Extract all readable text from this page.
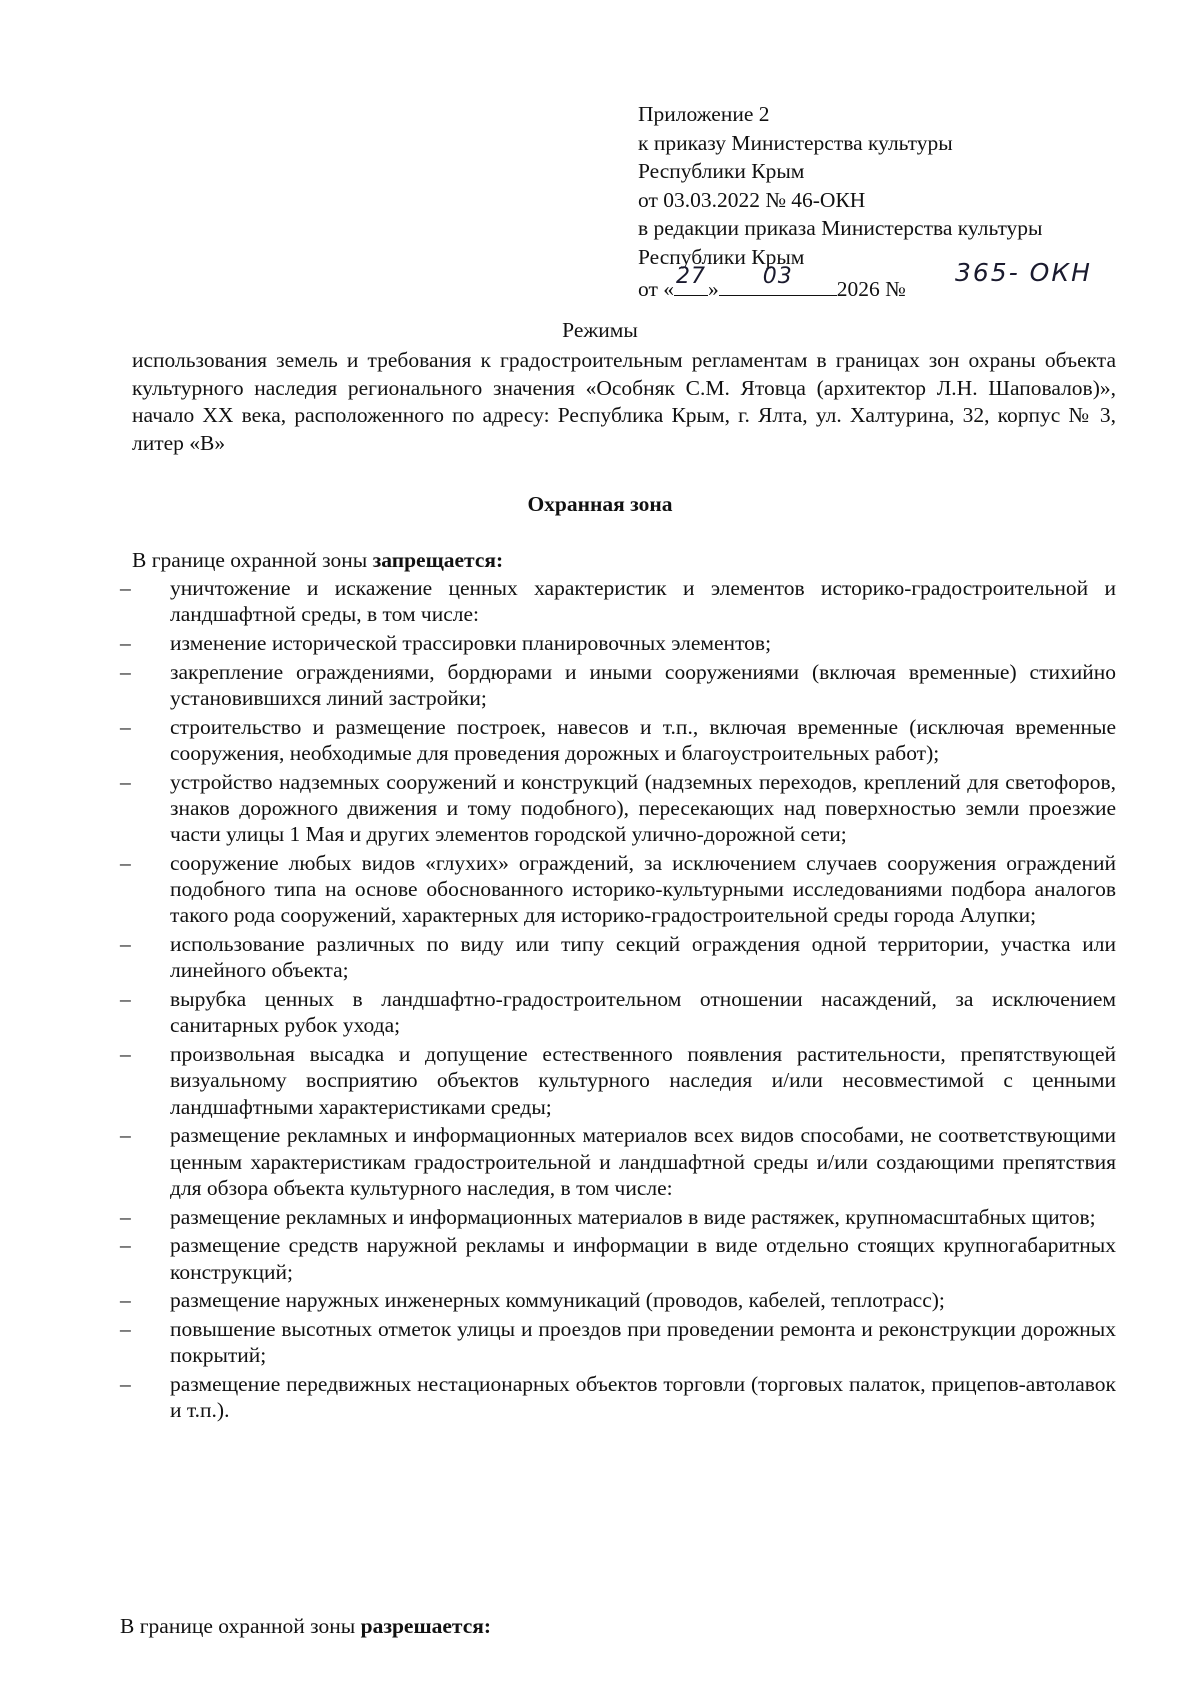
Приложение 2
к приказу Министерства культуры
Республики Крым
от 03.03.2022 № 46-ОКН
в редакции приказа Министерства культуры
Республики Крым
от « 27 »	03	2026 №
365- ОКН
Режимы
использования земель и требования к градостроительным регламентам в границах зон охраны объекта культурного наследия регионального значения «Особняк С.М. Ятовца (архитектор Л.Н. Шаповалов)», начало XX века, расположенного по адресу: Республика Крым, г. Ялта, ул. Халтурина, 32, корпус № 3, литер «В»
Охранная зона
В границе охранной зоны запрещается:
– уничтожение и искажение ценных характеристик и элементов историко-градостроительной и ландшафтной среды, в том числе:
– изменение исторической трассировки планировочных элементов;
– закрепление ограждениями, бордюрами и иными сооружениями (включая временные) стихийно установившихся линий застройки;
– строительство и размещение построек, навесов и т.п., включая временные (исключая временные сооружения, необходимые для проведения дорожных и благоустроительных работ);
– устройство надземных сооружений и конструкций (надземных переходов, креплений для светофоров, знаков дорожного движения и тому подобного), пересекающих над поверхностью земли проезжие части улицы 1 Мая и других элементов городской улично-дорожной сети;
– сооружение любых видов «глухих» ограждений, за исключением случаев сооружения ограждений подобного типа на основе обоснованного историко-культурными исследованиями подбора аналогов такого рода сооружений, характерных для историко-градостроительной среды города Алупки;
– использование различных по виду или типу секций ограждения одной территории, участка или линейного объекта;
– вырубка ценных в ландшафтно-градостроительном отношении насаждений, за исключением санитарных рубок ухода;
– произвольная высадка и допущение естественного появления растительности, препятствующей визуальному восприятию объектов культурного наследия и/или несовместимой с ценными ландшафтными характеристиками среды;
– размещение рекламных и информационных материалов всех видов способами, не соответствующими ценным характеристикам градостроительной и ландшафтной среды и/или создающими препятствия для обзора объекта культурного наследия, в том числе:
– размещение рекламных и информационных материалов в виде растяжек, крупномасштабных щитов;
– размещение средств наружной рекламы и информации в виде отдельно стоящих крупногабаритных конструкций;
– размещение наружных инженерных коммуникаций (проводов, кабелей, теплотрасс);
– повышение высотных отметок улицы и проездов при проведении ремонта и реконструкции дорожных покрытий;
– размещение передвижных нестационарных объектов торговли (торговых палаток, прицепов-автолавок и т.п.).
В границе охранной зоны разрешается:
